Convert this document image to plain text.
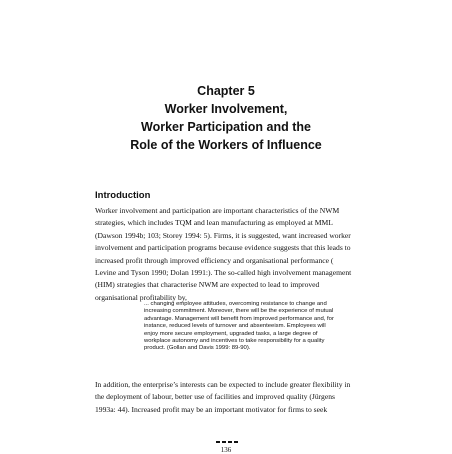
Chapter 5
Worker Involvement,
Worker Participation and the
Role of the Workers of Influence
Introduction
Worker involvement and participation are important characteristics of the NWM
strategies, which includes TQM and lean manufacturing as employed at MML
(Dawson 1994b; 103; Storey 1994: 5). Firms, it is suggested, want increased worker
involvement and participation programs because evidence suggests that this leads to
increased profit through improved efficiency and organisational performance (
Levine and Tyson 1990; Dolan 1991:). The so-called high involvement management
(HIM) strategies that characterise NWM are expected to lead to improved
organisational profitability by,
... changing employee attitudes, overcoming resistance to change and
increasing commitment. Moreover, there will be the experience of mutual
advantage. Management will benefit from improved performance and, for
instance, reduced levels of turnover and absenteeism. Employees will
enjoy more secure employment, upgraded tasks, a large degree of
workplace autonomy and incentives to take responsibility for a quality
product. (Gollan and Davis 1999: 89-90).
In addition, the enterprise’s interests can be expected to include greater flexibility in
the deployment of labour, better use of facilities and improved quality (Jürgens
1993a: 44). Increased profit may be an important motivator for firms to seek
136
